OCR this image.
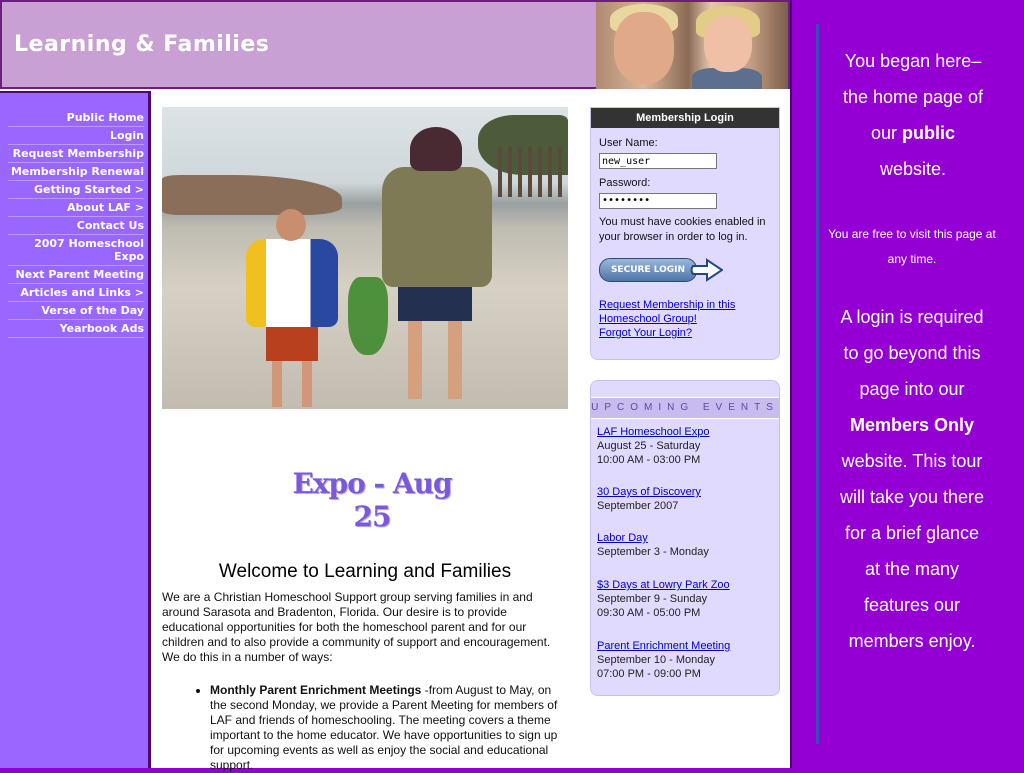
Learning & Families
Public Home
Login
Request Membership
Membership Renewal
Getting Started >
About LAF >
Contact Us
2007 Homeschool Expo
Next Parent Meeting
Articles and Links >
Verse of the Day
Yearbook Ads
Expo - Aug 25
Welcome to Learning and Families

We are a Christian Homeschool Support group serving families in and around Sarasota and Bradenton, Florida. Our desire is to provide educational opportunities for both the homeschool parent and for our children and to also provide a community of support and encouragement. We do this in a number of ways:

• Monthly Parent Enrichment Meetings -from August to May, on the second Monday, we provide a Parent Meeting for members of LAF and friends of homeschooling. The meeting covers a theme important to the home educator. We have opportunities to sign up for upcoming events as well as enjoy the social and educational support.
Membership Login
User Name:
new_user
Password:
••••••••
You must have cookies enabled in your browser in order to log in.
SECURE LOGIN
Request Membership in this Homeschool Group!
Forgot Your Login?
UPCOMING EVENTS
LAF Homeschool Expo
August 25 - Saturday
10:00 AM - 03:00 PM
30 Days of Discovery
September 2007
Labor Day
September 3 - Monday
$3 Days at Lowry Park Zoo
September 9 - Sunday
09:30 AM - 05:00 PM
Parent Enrichment Meeting
September 10 - Monday
07:00 PM - 09:00 PM
You began here–
the home page of our public website.
You are free to visit this page at any time.
A login is required to go beyond this page into our Members Only website. This tour will take you there for a brief glance at the many features our members enjoy.
